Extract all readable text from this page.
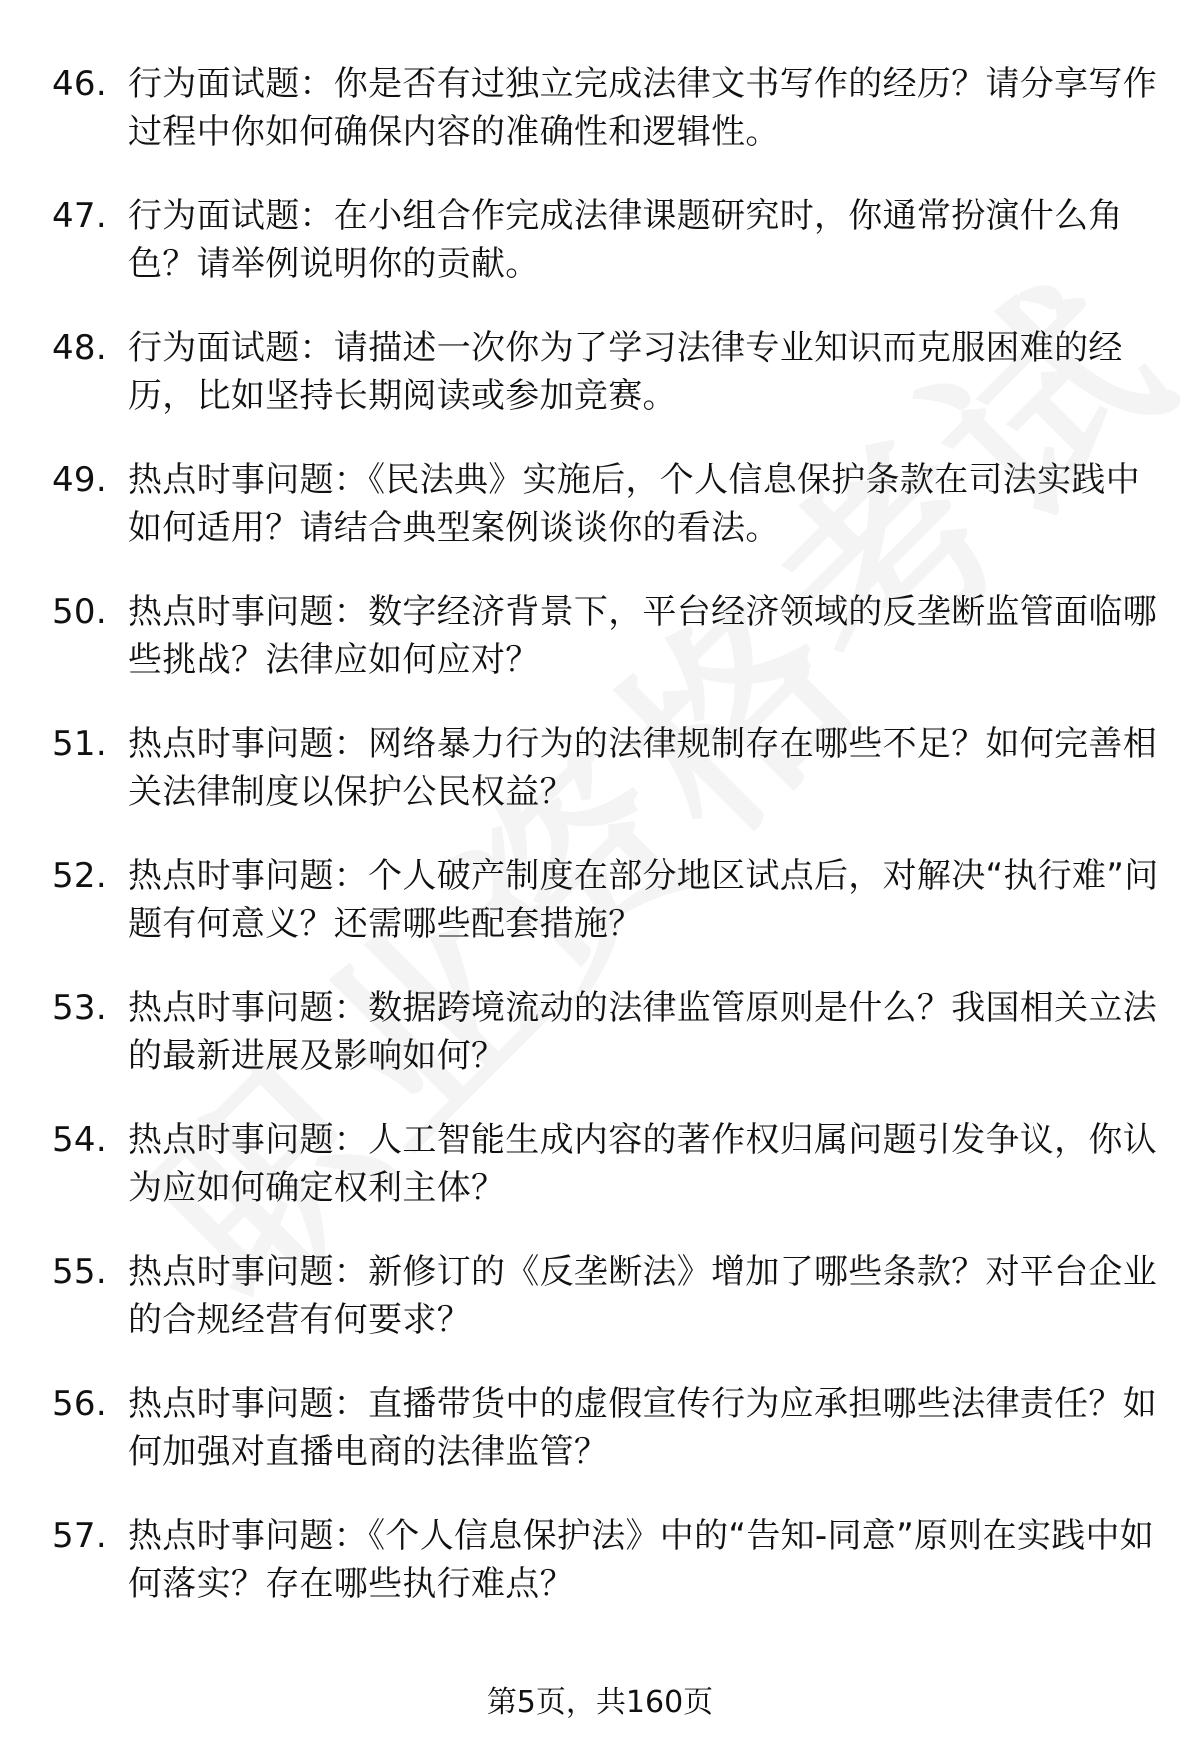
46. 行为面试题：你是否有过独立完成法律文书写作的经历？请分享写作过程中你如何确保内容的准确性和逻辑性。
47. 行为面试题：在小组合作完成法律课题研究时，你通常扮演什么角色？请举例说明你的贡献。
48. 行为面试题：请描述一次你为了学习法律专业知识而克服困难的经历，比如坚持长期阅读或参加竞赛。
49. 热点时事问题：《民法典》实施后，个人信息保护条款在司法实践中如何适用？请结合典型案例谈谈你的看法。
50. 热点时事问题：数字经济背景下，平台经济领域的反垄断监管面临哪些挑战？法律应如何应对？
51. 热点时事问题：网络暴力行为的法律规制存在哪些不足？如何完善相关法律制度以保护公民权益？
52. 热点时事问题：个人破产制度在部分地区试点后，对解决“执行难”问题有何意义？还需哪些配套措施？
53. 热点时事问题：数据跨境流动的法律监管原则是什么？我国相关立法的最新进展及影响如何？
54. 热点时事问题：人工智能生成内容的著作权归属问题引发争议，你认为应如何确定权利主体？
55. 热点时事问题：新修订的《反垄断法》增加了哪些条款？对平台企业的合规经营有何要求？
56. 热点时事问题：直播带货中的虚假宣传行为应承担哪些法律责任？如何加强对直播电商的法律监管？
57. 热点时事问题：《个人信息保护法》中的“告知-同意”原则在实践中如何落实？存在哪些执行难点？
第5页，共160页
